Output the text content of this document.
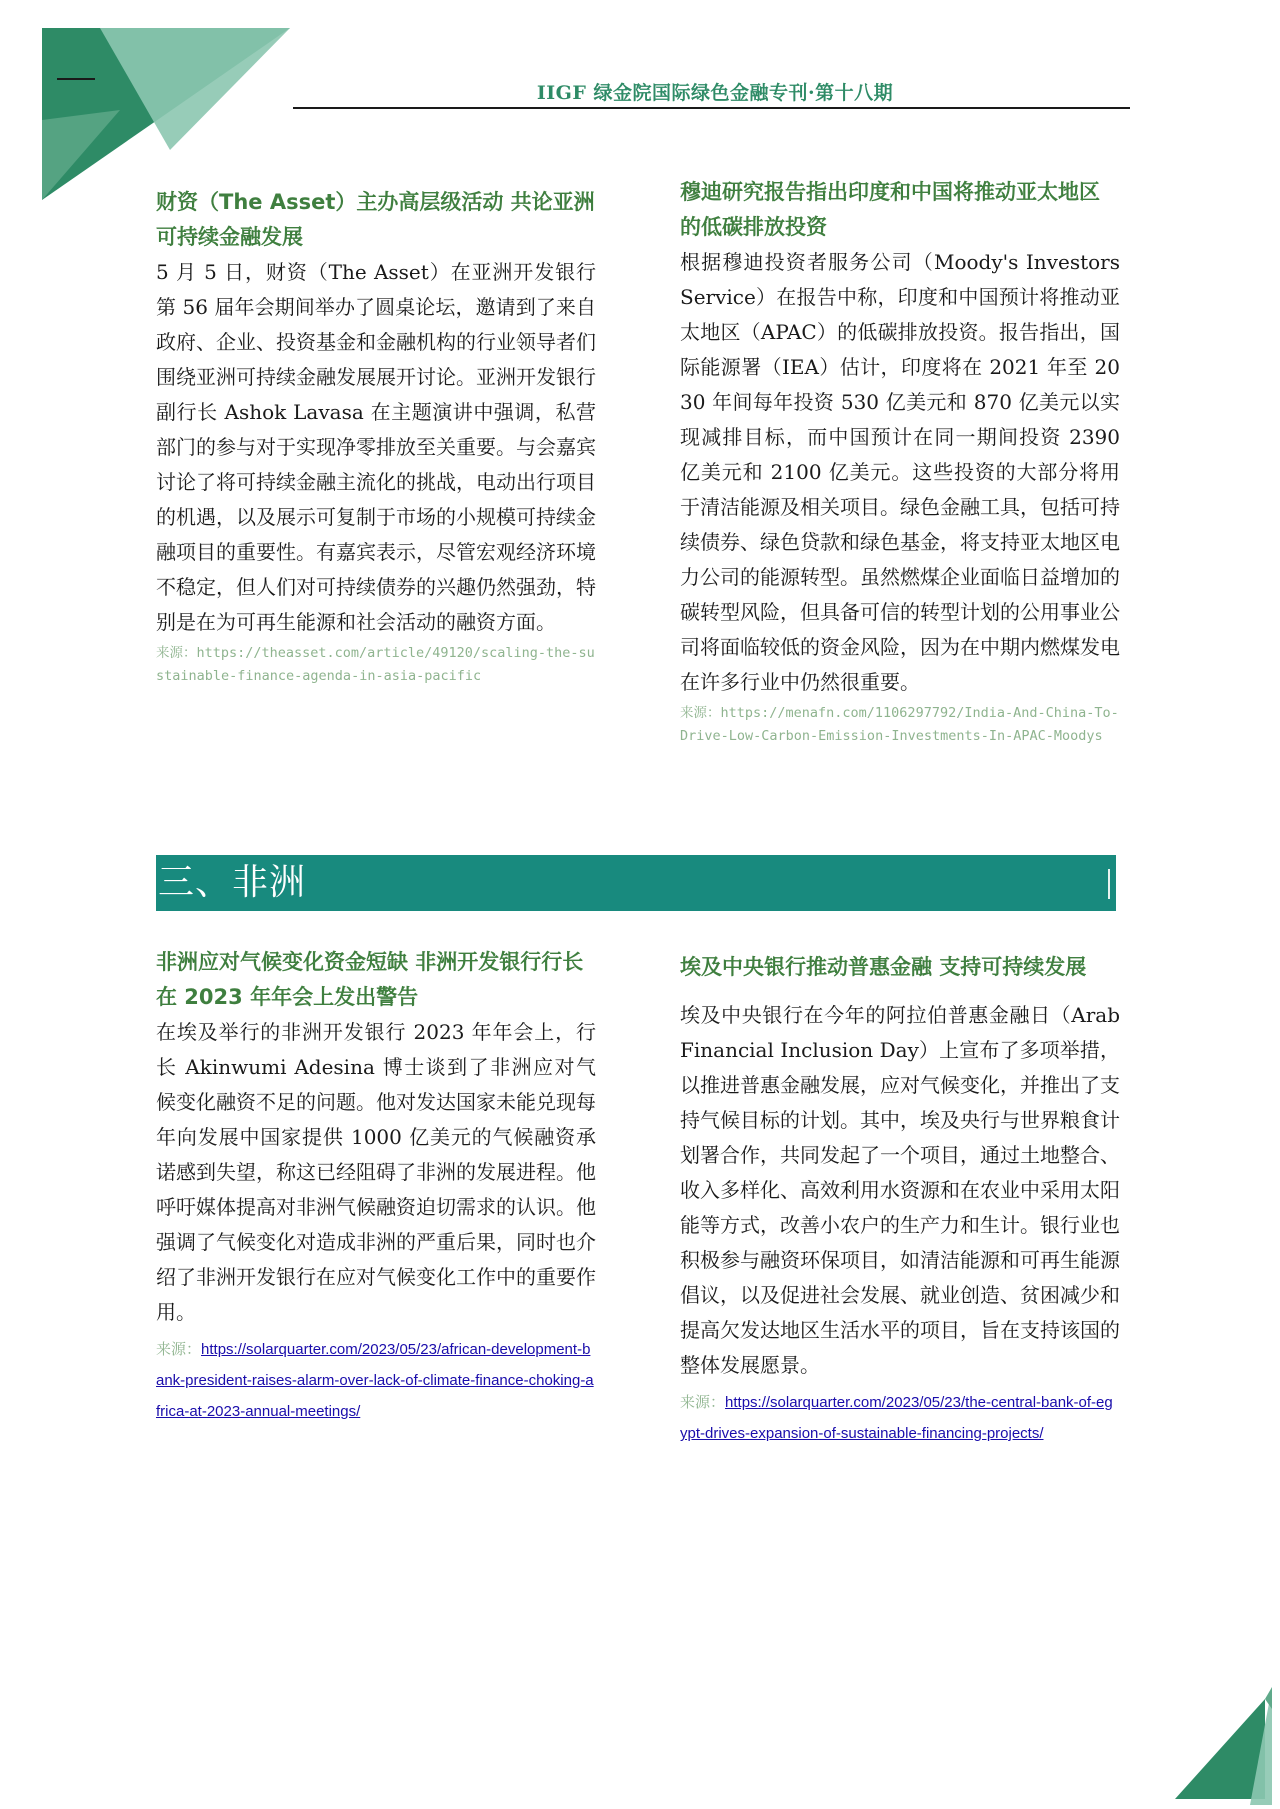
IIGF 绿金院国际绿色金融专刊·第十八期
财资（The Asset）主办高层级活动 共论亚洲可持续金融发展

5 月 5 日，财资（The Asset）在亚洲开发银行第 56 届年会期间举办了圆桌论坛，邀请到了来自政府、企业、投资基金和金融机构的行业领导者们围绕亚洲可持续金融发展展开讨论。亚洲开发银行副行长 Ashok Lavasa 在主题演讲中强调，私营部门的参与对于实现净零排放至关重要。与会嘉宾讨论了将可持续金融主流化的挑战，电动出行项目的机遇，以及展示可复制于市场的小规模可持续金融项目的重要性。有嘉宾表示，尽管宏观经济环境不稳定，但人们对可持续债券的兴趣仍然强劲，特别是在为可再生能源和社会活动的融资方面。

来源：https://theasset.com/article/49120/scaling-the-sustainable-finance-agenda-in-asia-pacific

穆迪研究报告指出印度和中国将推动亚太地区的低碳排放投资

根据穆迪投资者服务公司（Moody's Investors Service）在报告中称，印度和中国预计将推动亚太地区（APAC）的低碳排放投资。报告指出，国际能源署（IEA）估计，印度将在 2021 年至 2030 年间每年投资 530 亿美元和 870 亿美元以实现减排目标，而中国预计在同一期间投资 2390 亿美元和 2100 亿美元。这些投资的大部分将用于清洁能源及相关项目。绿色金融工具，包括可持续债券、绿色贷款和绿色基金，将支持亚太地区电力公司的能源转型。虽然燃煤企业面临日益增加的碳转型风险，但具备可信的转型计划的公用事业公司将面临较低的资金风险，因为在中期内燃煤发电在许多行业中仍然很重要。

来源：https://menafn.com/1106297792/India-And-China-To-Drive-Low-Carbon-Emission-Investments-In-APAC-Moodys

三、非洲
非洲应对气候变化资金短缺 非洲开发银行行长在 2023 年年会上发出警告

在埃及举行的非洲开发银行 2023 年年会上，行长 Akinwumi Adesina 博士谈到了非洲应对气候变化融资不足的问题。他对发达国家未能兑现每年向发展中国家提供 1000 亿美元的气候融资承诺感到失望，称这已经阻碍了非洲的发展进程。他呼吁媒体提高对非洲气候融资迫切需求的认识。他强调了气候变化对造成非洲的严重后果，同时也介绍了非洲开发银行在应对气候变化工作中的重要作用。

来源：https://solarquarter.com/2023/05/23/african-development-bank-president-raises-alarm-over-lack-of-climate-finance-choking-africa-at-2023-annual-meetings/

埃及中央银行推动普惠金融 支持可持续发展

埃及中央银行在今年的阿拉伯普惠金融日（Arab Financial Inclusion Day）上宣布了多项举措，以推进普惠金融发展，应对气候变化，并推出了支持气候目标的计划。其中，埃及央行与世界粮食计划署合作，共同发起了一个项目，通过土地整合、收入多样化、高效利用水资源和在农业中采用太阳能等方式，改善小农户的生产力和生计。银行业也积极参与融资环保项目，如清洁能源和可再生能源倡议，以及促进社会发展、就业创造、贫困减少和提高欠发达地区生活水平的项目，旨在支持该国的整体发展愿景。

来源：https://solarquarter.com/2023/05/23/the-central-bank-of-egypt-drives-expansion-of-sustainable-financing-projects/
